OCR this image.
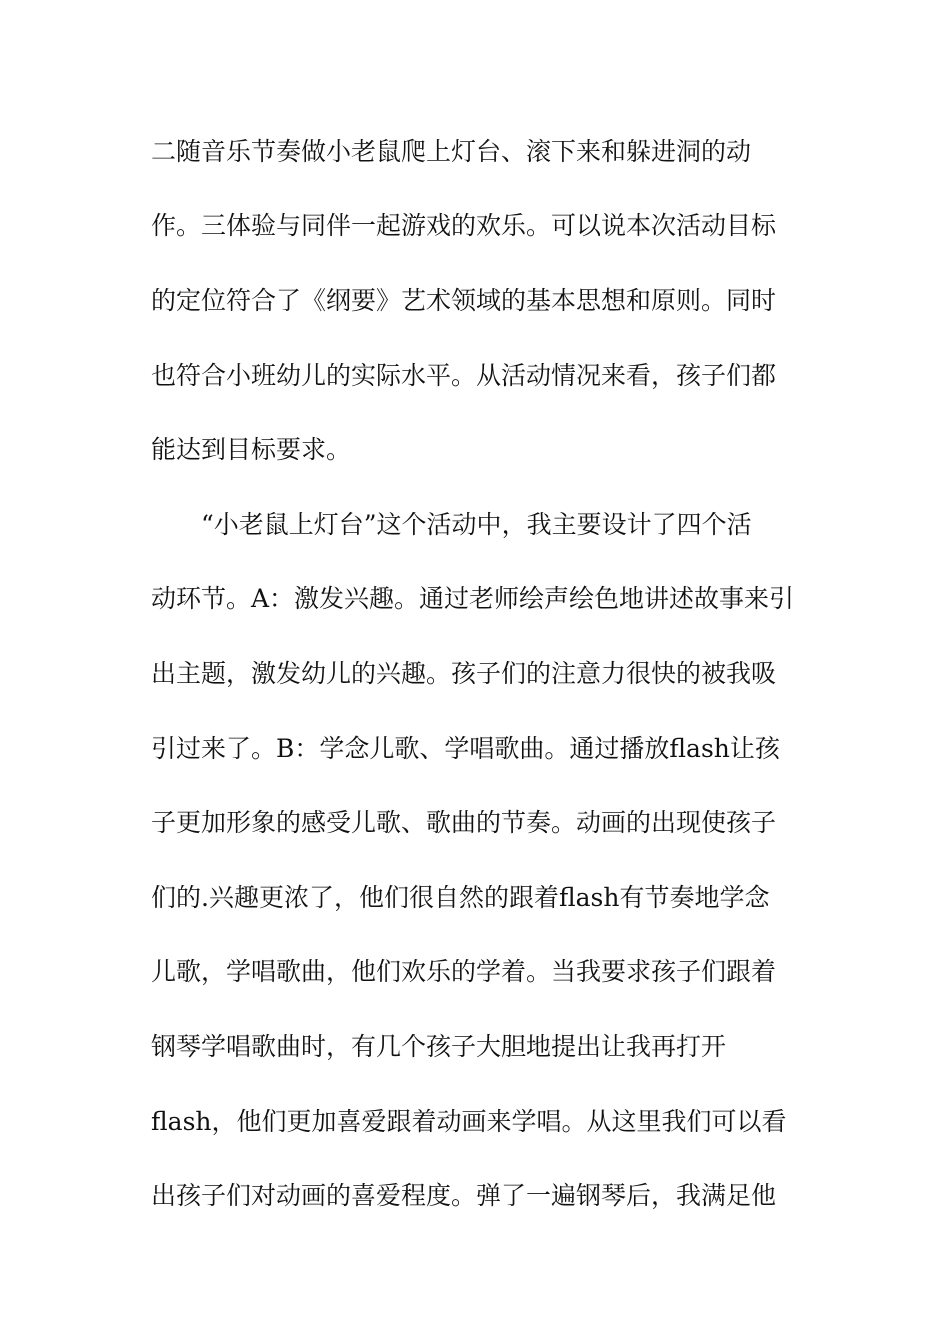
二随音乐节奏做小老鼠爬上灯台、滚下来和躲进洞的动
作。三体验与同伴一起游戏的欢乐。可以说本次活动目标
的定位符合了《纲要》艺术领域的基本思想和原则。同时
也符合小班幼儿的实际水平。从活动情况来看，孩子们都
能达到目标要求。
“小老鼠上灯台”这个活动中，我主要设计了四个活
动环节。A：激发兴趣。通过老师绘声绘色地讲述故事来引
出主题，激发幼儿的兴趣。孩子们的注意力很快的被我吸
引过来了。B：学念儿歌、学唱歌曲。通过播放flash让孩
子更加形象的感受儿歌、歌曲的节奏。动画的出现使孩子
们的.兴趣更浓了，他们很自然的跟着flash有节奏地学念
儿歌，学唱歌曲，他们欢乐的学着。当我要求孩子们跟着
钢琴学唱歌曲时，有几个孩子大胆地提出让我再打开
flash，他们更加喜爱跟着动画来学唱。从这里我们可以看
出孩子们对动画的喜爱程度。弹了一遍钢琴后，我满足他
